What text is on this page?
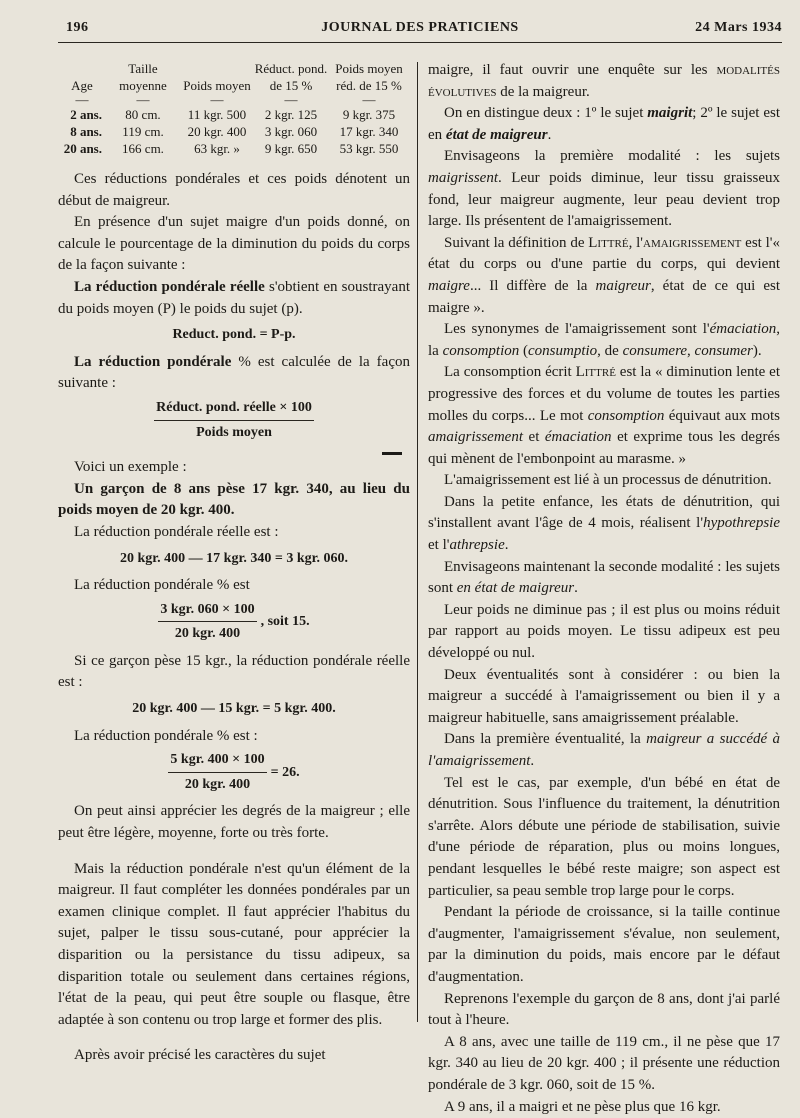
196	JOURNAL DES PRATICIENS	24 Mars 1934
Age	Taille moyenne	Poids moyen	Réduct. pond. de 15 %	Poids moyen réd. de 15 %
—	—	—	—	—
2 ans.	80 cm.	11 kgr. 500	2 kgr. 125	9 kgr. 375
8 ans.	119 cm.	20 kgr. 400	3 kgr. 060	17 kgr. 340
20 ans.	166 cm.	63 kgr. »	9 kgr. 650	53 kgr. 550

Ces réductions pondérales et ces poids dénotent un début de maigreur.

En présence d'un sujet maigre d'un poids donné, on calcule le pourcentage de la diminution du poids du corps de la façon suivante :

La réduction pondérale réelle s'obtient en soustrayant du poids moyen (P) le poids du sujet (p).

Reduct. pond. = P-p.

La réduction pondérale % est calculée de la façon suivante :

$\frac{\text{Réduct. pond. réelle × 100}}{\text{Poids moyen}}$
▬▬

Voici un exemple :

Un garçon de 8 ans pèse 17 kgr. 340, au lieu du poids moyen de 20 kgr. 400.

La réduction pondérale réelle est :

20 kgr. 400 — 17 kgr. 340 = 3 kgr. 060.

La réduction pondérale % est

$\frac{\text{3 kgr. 060 × 100}}{\text{20 kgr. 400}}$ , soit 15.

Si ce garçon pèse 15 kgr., la réduction pondérale réelle est :

20 kgr. 400 — 15 kgr. = 5 kgr. 400.

La réduction pondérale % est :

$\frac{\text{5 kgr. 400 × 100}}{\text{20 kgr. 400}} = 26$.

On peut ainsi apprécier les degrés de la maigreur ; elle peut être légère, moyenne, forte ou très forte.

Mais la réduction pondérale n'est qu'un élément de la maigreur. Il faut compléter les données pondérales par un examen clinique complet. Il faut apprécier l'habitus du sujet, palper le tissu sous-cutané, pour apprécier la disparition ou la persistance du tissu adipeux, sa disparition totale ou seulement dans certaines régions, l'état de la peau, qui peut être souple ou flasque, être adaptée à son contenu ou trop large et former des plis.

Après avoir précisé les caractères du sujet

maigre, il faut ouvrir une enquête sur les modalités évolutives de la maigreur.

On en distingue deux : 1º le sujet maigrit; 2º le sujet est en état de maigreur.

Envisageons la première modalité : les sujets maigrissent. Leur poids diminue, leur tissu graisseux fond, leur maigreur augmente, leur peau devient trop large. Ils présentent de l'amaigrissement.

Suivant la définition de Littré, l'amaigrissement est l'« état du corps ou d'une partie du corps, qui devient maigre... Il diffère de la maigreur, état de ce qui est maigre ».

Les synonymes de l'amaigrissement sont l'émaciation, la consomption (consumptio, de consumere, consumer).

La consomption écrit Littré est la « diminution lente et progressive des forces et du volume de toutes les parties molles du corps... Le mot consomption équivaut aux mots amaigrissement et émaciation et exprime tous les degrés qui mènent de l'embonpoint au marasme. »

L'amaigrissement est lié à un processus de dénutrition.

Dans la petite enfance, les états de dénutrition, qui s'installent avant l'âge de 4 mois, réalisent l'hypothrepsie et l'athrepsie.

Envisageons maintenant la seconde modalité : les sujets sont en état de maigreur.

Leur poids ne diminue pas ; il est plus ou moins réduit par rapport au poids moyen. Le tissu adipeux est peu développé ou nul.

Deux éventualités sont à considérer : ou bien la maigreur a succédé à l'amaigrissement ou bien il y a maigreur habituelle, sans amaigrissement préalable.

Dans la première éventualité, la maigreur a succédé à l'amaigrissement.

Tel est le cas, par exemple, d'un bébé en état de dénutrition. Sous l'influence du traitement, la dénutrition s'arrête. Alors débute une période de stabilisation, suivie d'une période de réparation, plus ou moins longues, pendant lesquelles le bébé reste maigre; son aspect est particulier, sa peau semble trop large pour le corps.

Pendant la période de croissance, si la taille continue d'augmenter, l'amaigrissement s'évalue, non seulement, par la diminution du poids, mais encore par le défaut d'augmentation.

Reprenons l'exemple du garçon de 8 ans, dont j'ai parlé tout à l'heure.

A 8 ans, avec une taille de 119 cm., il ne pèse que 17 kgr. 340 au lieu de 20 kgr. 400 ; il présente une réduction pondérale de 3 kgr. 060, soit de 15 %.

A 9 ans, il a maigri et ne pèse plus que 16 kgr.
